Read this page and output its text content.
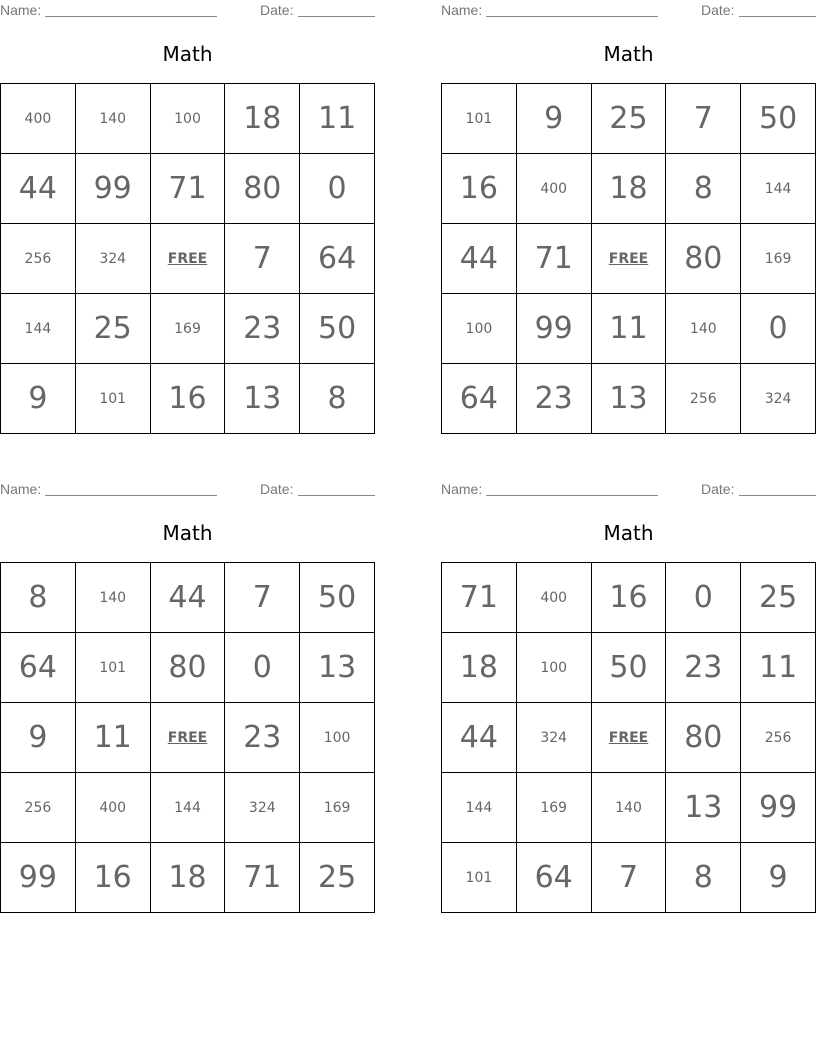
Name:	Date:
Math
400	140	100	18	11
44	99	71	80	0
256	324	FREE	7	64
144	25	169	23	50
9	101	16	13	8
Name:	Date:
Math
101	9	25	7	50
16	400	18	8	144
44	71	FREE	80	169
100	99	11	140	0
64	23	13	256	324
Name:	Date:
Math
8	140	44	7	50
64	101	80	0	13
9	11	FREE	23	100
256	400	144	324	169
99	16	18	71	25
Name:	Date:
Math
71	400	16	0	25
18	100	50	23	11
44	324	FREE	80	256
144	169	140	13	99
101	64	7	8	9
